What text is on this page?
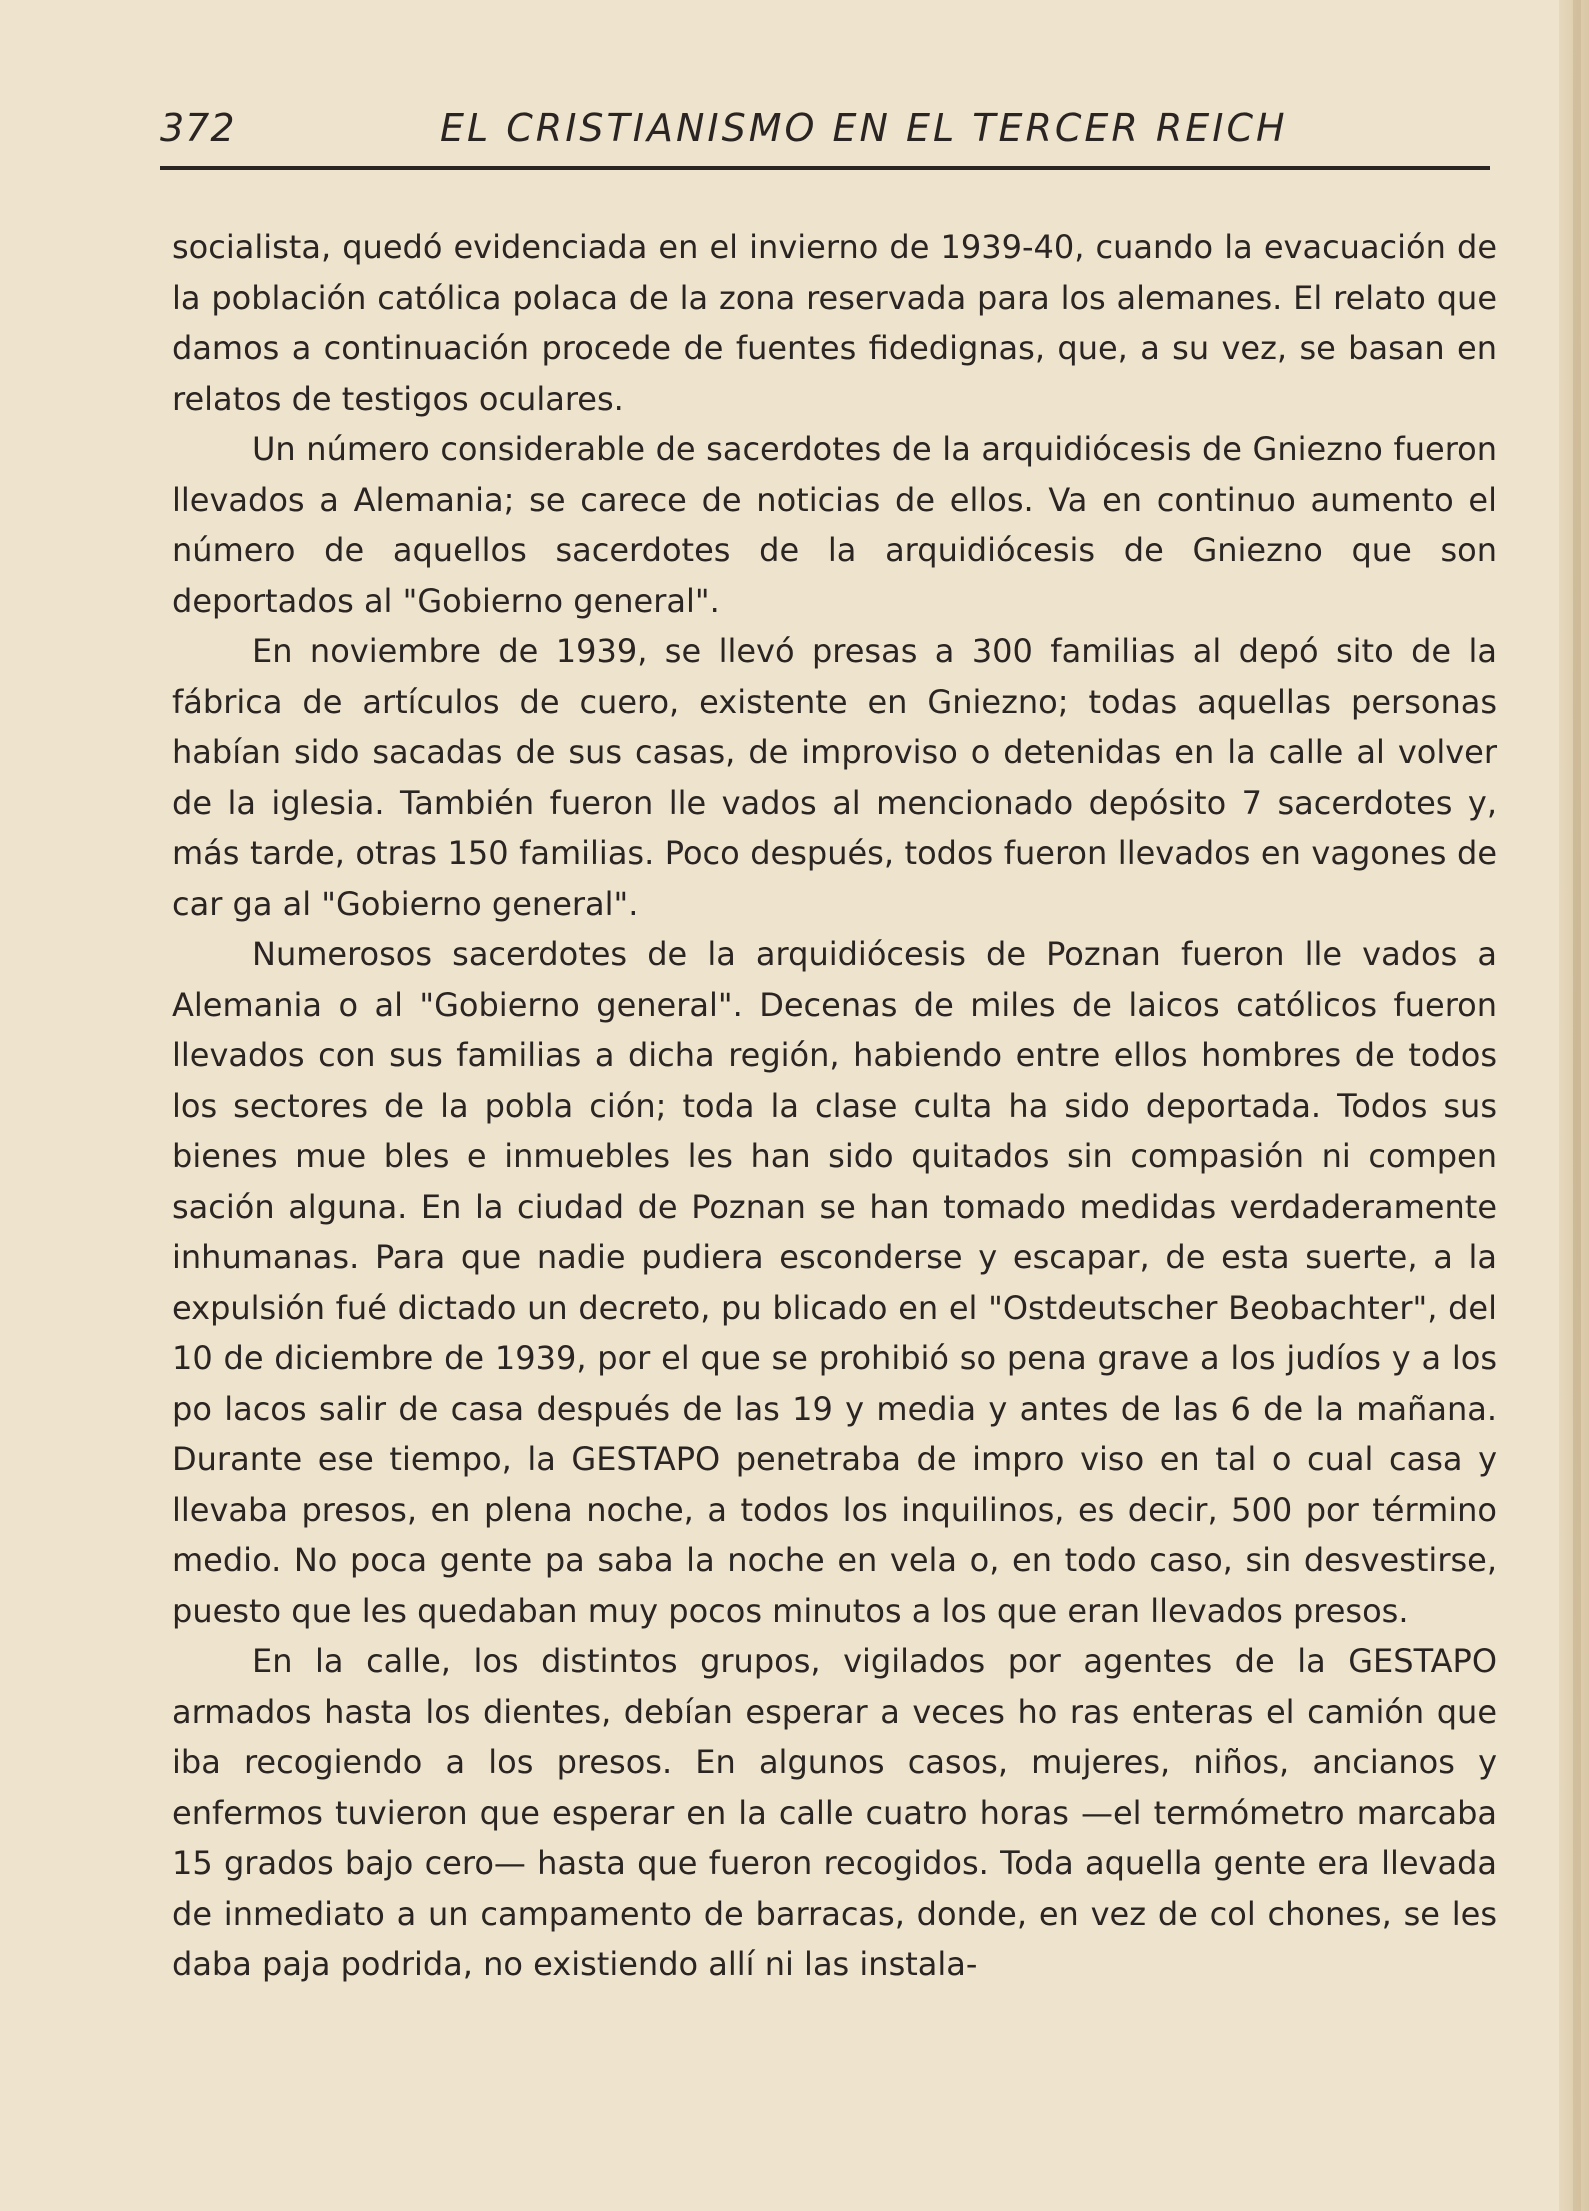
372	EL CRISTIANISMO EN EL TERCER REICH

socialista, quedó evidenciada en el invierno de 1939-40, cuando la evacuación de la población católica polaca de la zona reservada para los alemanes. El relato que damos a continuación procede de fuentes fidedignas, que, a su vez, se basan en relatos de testigos oculares.

Un número considerable de sacerdotes de la arquidiócesis de Gniezno fueron llevados a Alemania; se carece de noticias de ellos. Va en continuo aumento el número de aquellos sacerdotes de la arquidiócesis de Gniezno que son deportados al "Gobierno general".

En noviembre de 1939, se llevó presas a 300 familias al depó sito de la fábrica de artículos de cuero, existente en Gniezno; todas aquellas personas habían sido sacadas de sus casas, de improviso o detenidas en la calle al volver de la iglesia. También fueron lle vados al mencionado depósito 7 sacerdotes y, más tarde, otras 150 familias. Poco después, todos fueron llevados en vagones de car ga al "Gobierno general".

Numerosos sacerdotes de la arquidiócesis de Poznan fueron lle vados a Alemania o al "Gobierno general". Decenas de miles de laicos católicos fueron llevados con sus familias a dicha región, habiendo entre ellos hombres de todos los sectores de la pobla ción; toda la clase culta ha sido deportada. Todos sus bienes mue bles e inmuebles les han sido quitados sin compasión ni compen sación alguna. En la ciudad de Poznan se han tomado medidas verdaderamente inhumanas. Para que nadie pudiera esconderse y escapar, de esta suerte, a la expulsión fué dictado un decreto, pu blicado en el "Ostdeutscher Beobachter", del 10 de diciembre de 1939, por el que se prohibió so pena grave a los judíos y a los po lacos salir de casa después de las 19 y media y antes de las 6 de la mañana. Durante ese tiempo, la GESTAPO penetraba de impro viso en tal o cual casa y llevaba presos, en plena noche, a todos los inquilinos, es decir, 500 por término medio. No poca gente pa saba la noche en vela o, en todo caso, sin desvestirse, puesto que les quedaban muy pocos minutos a los que eran llevados presos.

En la calle, los distintos grupos, vigilados por agentes de la GESTAPO armados hasta los dientes, debían esperar a veces ho ras enteras el camión que iba recogiendo a los presos. En algunos casos, mujeres, niños, ancianos y enfermos tuvieron que esperar en la calle cuatro horas —el termómetro marcaba 15 grados bajo cero— hasta que fueron recogidos. Toda aquella gente era llevada de inmediato a un campamento de barracas, donde, en vez de col chones, se les daba paja podrida, no existiendo allí ni las instala-
